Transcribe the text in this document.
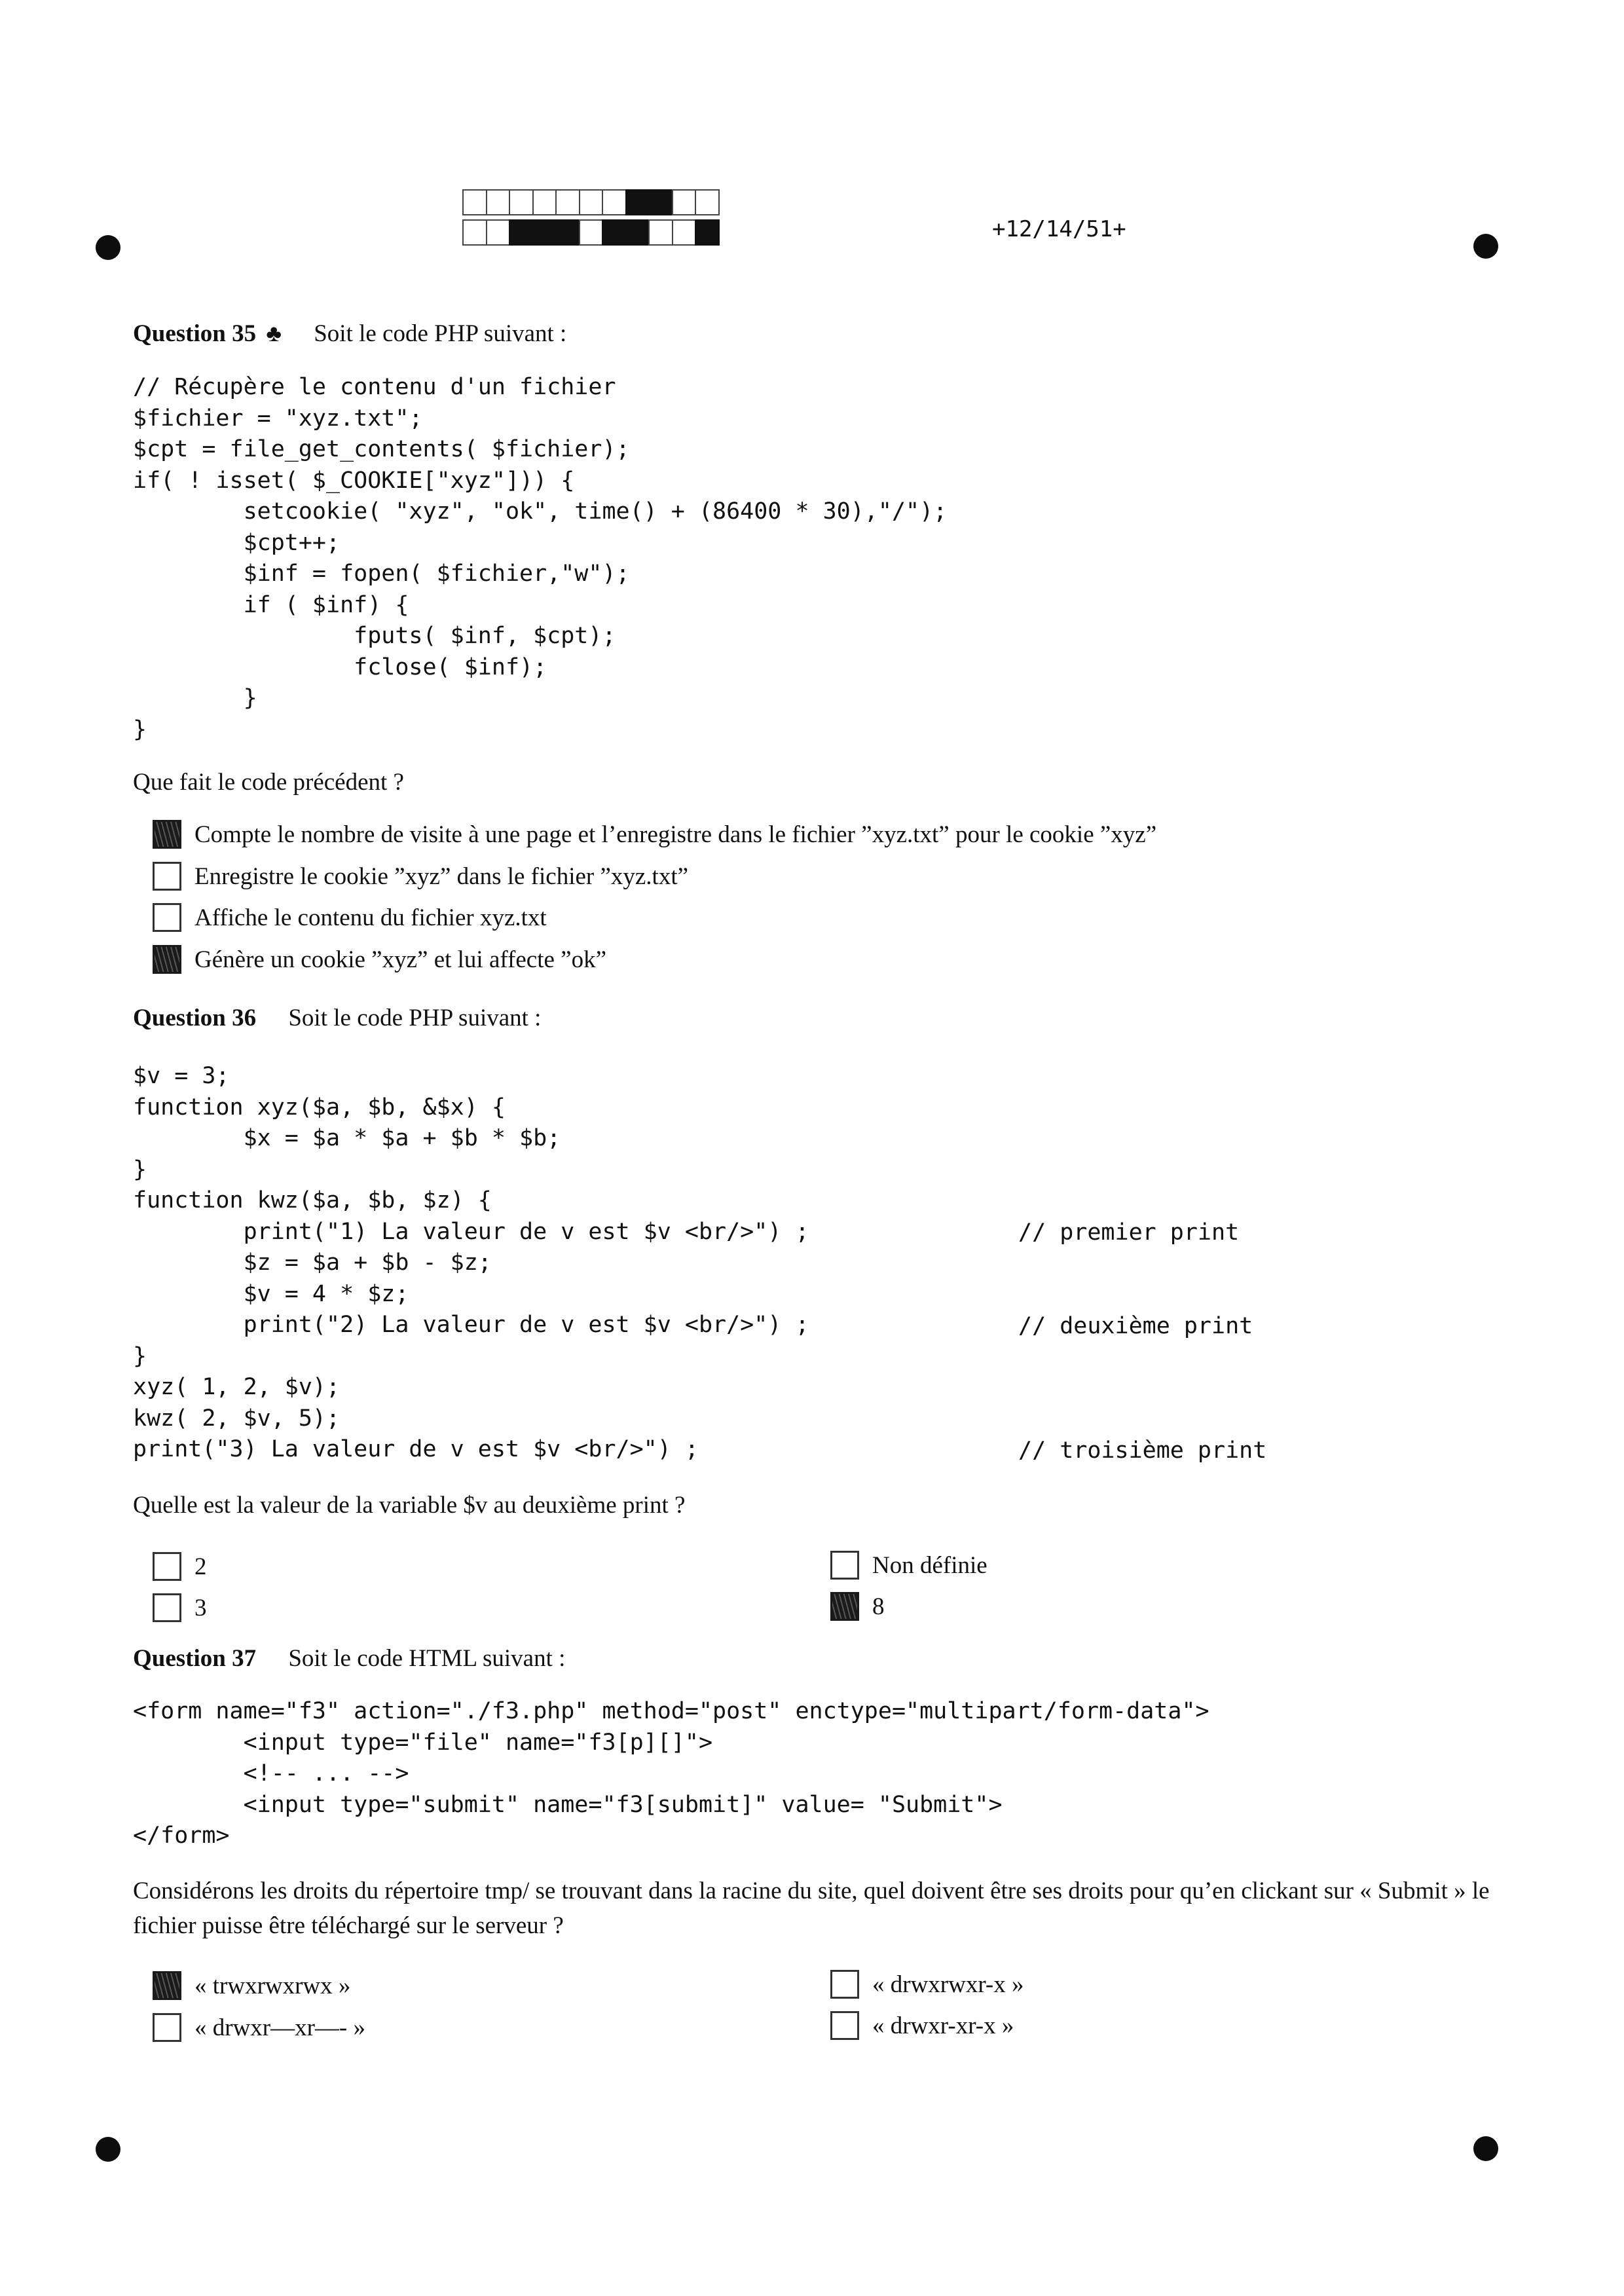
+12/14/51+
Question 35 ♣ Soit le code PHP suivant :
// Récupère le contenu d'un fichier
$fichier = "xyz.txt";
$cpt = file_get_contents( $fichier);
if( ! isset( $_COOKIE["xyz"])) {
setcookie( "xyz", "ok", time() + (86400 * 30),"/");
$cpt++;
$inf = fopen( $fichier,"w");
if ( $inf) {
fputs( $inf, $cpt);
fclose( $inf);
}
}
Que fait le code précédent ?
Compte le nombre de visite à une page et l’enregistre dans le fichier ”xyz.txt” pour le cookie ”xyz”
Enregistre le cookie ”xyz” dans le fichier ”xyz.txt”
Affiche le contenu du fichier xyz.txt
Génère un cookie ”xyz” et lui affecte ”ok”
Question 36 Soit le code PHP suivant :
$v = 3;
function xyz($a, $b, &$x) {
$x = $a * $a + $b * $b;
}
function kwz($a, $b, $z) {
print("1) La valeur de v est $v <br/>") ;
$z = $a + $b - $z;
$v = 4 * $z;
print("2) La valeur de v est $v <br/>") ;
}
xyz( 1, 2, $v);
kwz( 2, $v, 5);
print("3) La valeur de v est $v <br/>") ;
// premier print
// deuxième print
// troisième print
Quelle est la valeur de la variable $v au deuxième print ?
2
3
Non définie
8
Question 37 Soit le code HTML suivant :
<form name="f3" action="./f3.php" method="post" enctype="multipart/form-data">
<input type="file" name="f3[p][]">
<!-- ... -->
<input type="submit" name="f3[submit]" value= "Submit">
</form>
Considérons les droits du répertoire tmp/ se trouvant dans la racine du site, quel doivent être ses droits pour qu’en clickant sur « Submit » le fichier puisse être téléchargé sur le serveur ?
« trwxrwxrwx »
« drwxr—xr—- »
« drwxrwxr-x »
« drwxr-xr-x »
